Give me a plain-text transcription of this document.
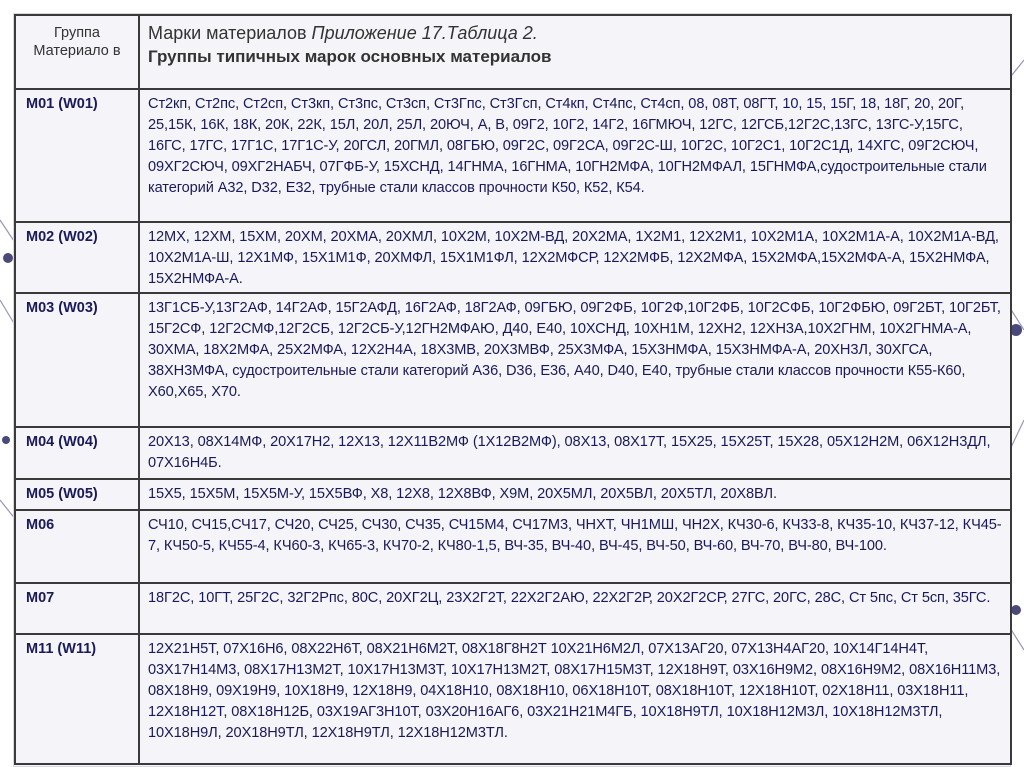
Группа Материало в	Марки материалов Приложение 17.Таблица 2.
Группы типичных марок основных материалов

М01 (W01)	Ст2кп, Ст2пс, Ст2сп, Ст3кп, Ст3пс, Ст3сп, Ст3Гпс, Ст3Гсп, Ст4кп, Ст4пс, Ст4сп, 08, 08Т, 08ГТ, 10, 15, 15Г, 18, 18Г, 20, 20Г, 25,15К, 16К, 18К, 20К, 22К, 15Л, 20Л, 25Л, 20ЮЧ, А, В, 09Г2, 10Г2, 14Г2, 16ГМЮЧ, 12ГС, 12ГСБ,12Г2С,13ГС, 13ГС-У,15ГС, 16ГС, 17ГС, 17Г1С, 17Г1С-У, 20ГСЛ, 20ГМЛ, 08ГБЮ, 09Г2С, 09Г2СА, 09Г2С-Ш, 10Г2С, 10Г2С1, 10Г2С1Д, 14ХГС, 09Г2СЮЧ, 09ХГ2СЮЧ, 09ХГ2НАБЧ, 07ГФБ-У, 15ХСНД, 14ГНМА, 16ГНМА, 10ГН2МФА, 10ГН2МФАЛ, 15ГНМФА,судостроительные стали категорий А32, D32, Е32, трубные стали классов прочности К50, К52, К54.

М02 (W02)	12МХ, 12ХМ, 15ХМ, 20ХМ, 20ХМА, 20ХМЛ, 10Х2М, 10Х2М-ВД, 20Х2МА, 1Х2М1, 12Х2М1, 10Х2М1А, 10Х2М1А-А, 10Х2М1А-ВД, 10Х2М1А-Ш, 12Х1МФ, 15Х1М1Ф, 20ХМФЛ, 15Х1М1ФЛ, 12Х2МФСР, 12Х2МФБ, 12Х2МФА, 15Х2МФА,15Х2МФА-А, 15Х2НМФА, 15Х2НМФА-А.

М03 (W03)	13Г1СБ-У,13Г2АФ, 14Г2АФ, 15Г2АФД, 16Г2АФ, 18Г2АФ, 09ГБЮ, 09Г2ФБ, 10Г2Ф,10Г2ФБ, 10Г2СФБ, 10Г2ФБЮ, 09Г2БТ, 10Г2БТ, 15Г2СФ, 12Г2СМФ,12Г2СБ, 12Г2СБ-У,12ГН2МФАЮ, Д40, Е40, 10ХСНД, 10ХН1М, 12ХН2, 12ХН3А,10Х2ГНМ, 10Х2ГНМА-А, 30ХМА, 18Х2МФА, 25Х2МФА, 12Х2Н4А, 18Х3МВ, 20Х3МВФ, 25Х3МФА, 15Х3НМФА, 15Х3НМФА-А, 20ХН3Л, 30ХГСА, 38ХН3МФА, судостроительные стали категорий А36, D36, Е36, А40, D40, Е40, трубные стали классов прочности К55-К60, Х60,Х65, Х70.

М04 (W04)	20Х13, 08Х14МФ, 20Х17Н2, 12Х13, 12Х11В2МФ (1Х12В2МФ), 08Х13, 08Х17Т, 15Х25, 15Х25Т, 15Х28, 05Х12Н2М, 06Х12Н3ДЛ, 07Х16Н4Б.

М05 (W05)	15Х5, 15Х5М, 15Х5М-У, 15Х5ВФ, Х8, 12Х8, 12Х8ВФ, Х9М, 20Х5МЛ, 20Х5ВЛ, 20Х5ТЛ, 20Х8ВЛ.

М06	СЧ10, СЧ15,СЧ17, СЧ20, СЧ25, СЧ30, СЧ35, СЧ15М4, СЧ17М3, ЧНХТ, ЧН1МШ, ЧН2Х, КЧ30-6, КЧ33-8, КЧ35-10, КЧ37-12, КЧ45-7, КЧ50-5, КЧ55-4, КЧ60-3, КЧ65-3, КЧ70-2, КЧ80-1,5, ВЧ-35, ВЧ-40, ВЧ-45, ВЧ-50, ВЧ-60, ВЧ-70, ВЧ-80, ВЧ-100.

М07	18Г2С, 10ГТ, 25Г2С, 32Г2Рпс, 80С, 20ХГ2Ц, 23Х2Г2Т, 22Х2Г2АЮ, 22Х2Г2Р, 20Х2Г2СР, 27ГС, 20ГС, 28С, Ст 5пс, Ст 5сп, 35ГС.

М11 (W11)	12Х21Н5Т, 07Х16Н6, 08Х22Н6Т, 08Х21Н6М2Т, 08Х18Г8Н2Т 10Х21Н6М2Л, 07Х13АГ20, 07Х13Н4АГ20, 10Х14Г14Н4Т, 03Х17Н14М3, 08Х17Н13М2Т, 10Х17Н13М3Т, 10Х17Н13М2Т, 08Х17Н15М3Т, 12Х18Н9Т, 03Х16Н9М2, 08Х16Н9М2, 08Х16Н11М3, 08Х18Н9, 09Х19Н9, 10Х18Н9, 12Х18Н9, 04Х18Н10, 08Х18Н10, 06Х18Н10Т, 08Х18Н10Т, 12Х18Н10Т, 02Х18Н11, 03Х18Н11, 12Х18Н12Т, 08Х18Н12Б, 03Х19АГ3Н10Т, 03Х20Н16АГ6, 03Х21Н21М4ГБ, 10Х18Н9ТЛ, 10Х18Н12М3Л, 10Х18Н12М3ТЛ, 10Х18Н9Л, 20Х18Н9ТЛ, 12Х18Н9ТЛ, 12Х18Н12М3ТЛ.
